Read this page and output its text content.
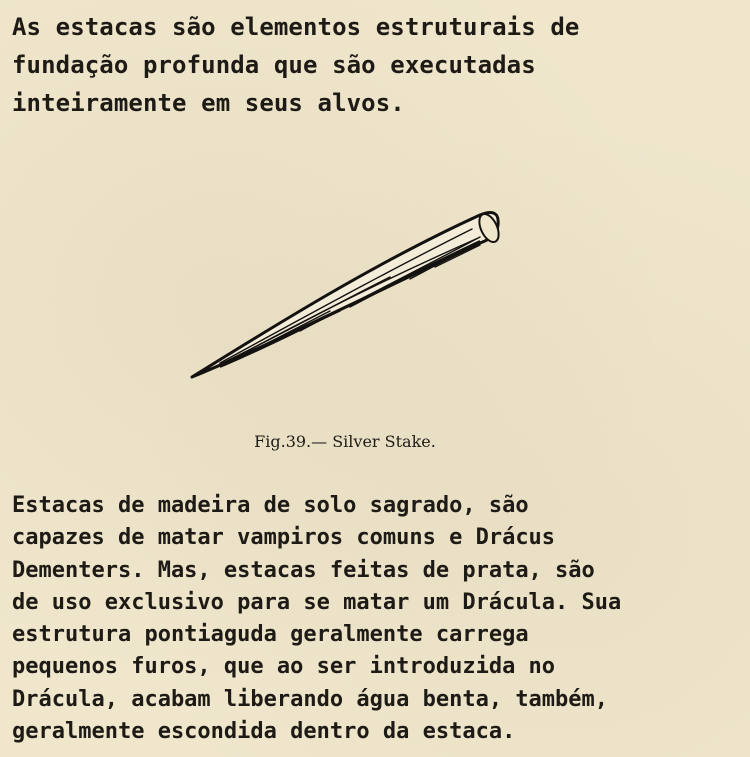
As estacas são elementos estruturais de
fundação profunda que são executadas
inteiramente em seus alvos.

Fig.39.— Silver Stake.

Estacas de madeira de solo sagrado, são
capazes de matar vampiros comuns e Drácus
Dementers. Mas, estacas feitas de prata, são
de uso exclusivo para se matar um Drácula. Sua
estrutura pontiaguda geralmente carrega
pequenos furos, que ao ser introduzida no
Drácula, acabam liberando água benta, também,
geralmente escondida dentro da estaca.
